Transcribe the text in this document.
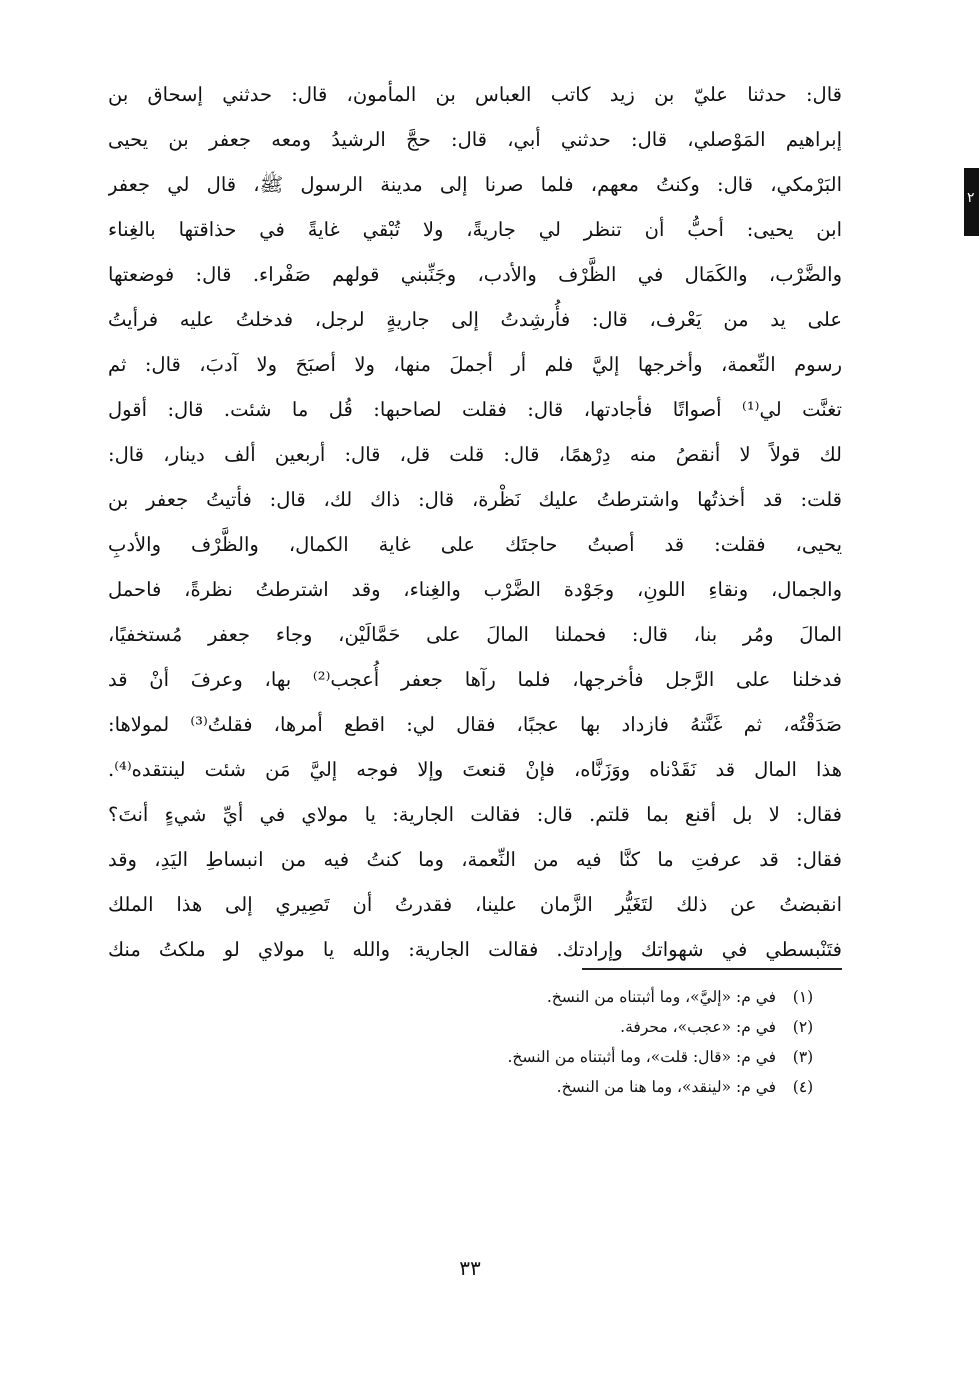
٢
قال: حدثنا عليّ بن زيد كاتب العباس بن المأمون، قال: حدثني إسحاق بن
إبراهيم المَوْصلي، قال: حدثني أبي، قال: حجَّ الرشيدُ ومعه جعفر بن يحيى
البَرْمكي، قال: وكنتُ معهم، فلما صرنا إلى مدينة الرسول ﷺ، قال لي جعفر
ابن يحيى: أحبُّ أن تنظر لي جاريةً، ولا تُبْقي غايةً في حذاقتها بالغِناء
والضَّرْب، والكَمَال في الظَّرْف والأدب، وجَنِّبني قولهم صَفْراء. قال: فوضعتها
على يد من يَعْرف، قال: فأُرشِدتُ إلى جاريةٍ لرجل، فدخلتُ عليه فرأيتُ
رسوم النِّعمة، وأخرجها إليَّ فلم أر أجملَ منها، ولا أصبَحَ ولا آدبَ، قال: ثم
تغنَّت لي⁽¹⁾ أصواتًا فأجادتها، قال: فقلت لصاحبها: قُل ما شئت. قال: أقول
لك قولاً لا أنقصُ منه دِرْهمًا، قال: قلت قل، قال: أربعين ألف دينار، قال:
قلت: قد أخذتُها واشترطتُ عليك نَظْرة، قال: ذاك لك، قال: فأتيتُ جعفر بن
يحيى، فقلت: قد أصبتُ حاجتَك على غاية الكمال، والظَّرْف والأدبِ
والجمال، ونقاءِ اللونِ، وجَوْدة الضَّرْب والغِناء، وقد اشترطتُ نظرةً، فاحمل
المالَ ومُر بنا، قال: فحملنا المالَ على حَمَّالَيْن، وجاء جعفر مُستخفيًا،
فدخلنا على الرَّجل فأخرجها، فلما رآها جعفر أُعجب⁽²⁾ بها، وعرفَ أنْ قد
صَدَقْتُه، ثم غَنَّتهُ فازداد بها عجبًا، فقال لي: اقطع أمرها، فقلتُ⁽³⁾ لمولاها:
هذا المال قد نَقَدْناه ووَزَنَّاه، فإنْ قنعتَ وإلا فوجه إليَّ مَن شئت لينتقده⁽⁴⁾.
فقال: لا بل أقنع بما قلتم. قال: فقالت الجارية: يا مولاي في أيِّ شيءٍ أنتَ؟
فقال: قد عرفتِ ما كنَّا فيه من النِّعمة، وما كنتُ فيه من انبساطِ اليَدِ، وقد
انقبضتُ عن ذلك لتَغَيُّر الزَّمان علينا، فقدرتُ أن تَصِيري إلى هذا الملك
فتَنْبسطي في شهواتك وإرادتك. فقالت الجارية: والله يا مولاي لو ملكتُ منك
(١) في م: «إليَّ»، وما أثبتناه من النسخ.
(٢) في م: «عجب»، محرفة.
(٣) في م: «قال: قلت»، وما أثبتناه من النسخ.
(٤) في م: «لينقد»، وما هنا من النسخ.
٣٣
